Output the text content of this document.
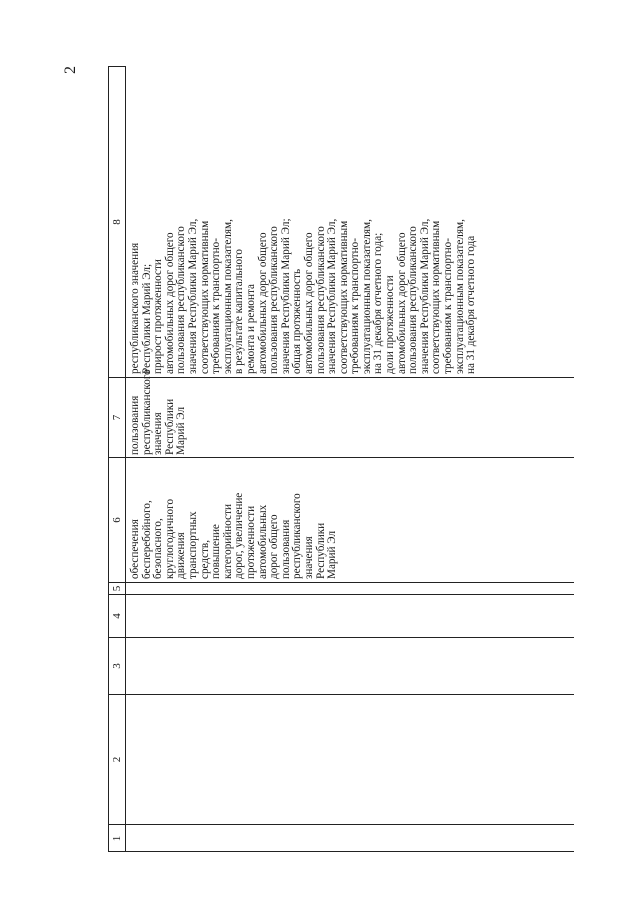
2
1
2
3
4
5
6
7
8
обеспечения бесперебойного, безопасного, круглогодичного движения транспортных средств, повышение категорийности дорог, увеличение протяженности автомобильных дорог общего пользования республиканского значения Республики Марий Эл
пользования республиканского значения Республики Марий Эл
республиканского значения Республики Марий Эл; прирост протяженности автомобильных дорог общего пользования республиканского значения Республики Марий Эл, соответствующих нормативным требованиям к транспортно- эксплуатационным показателям, в результате капитального ремонта и ремонта автомобильных дорог общего пользования республиканского значения Республики Марий Эл; общая протяженность автомобильных дорог общего пользования республиканского значения Республики Марий Эл, соответствующих нормативным требованиям к транспортно- эксплуатационным показателям, на 31 декабря отчетного года; доли протяженности автомобильных дорог общего пользования республиканского значения Республики Марий Эл, соответствующих нормативным требованиям к транспортно- эксплуатационным показателям, на 31 декабря отчетного года
